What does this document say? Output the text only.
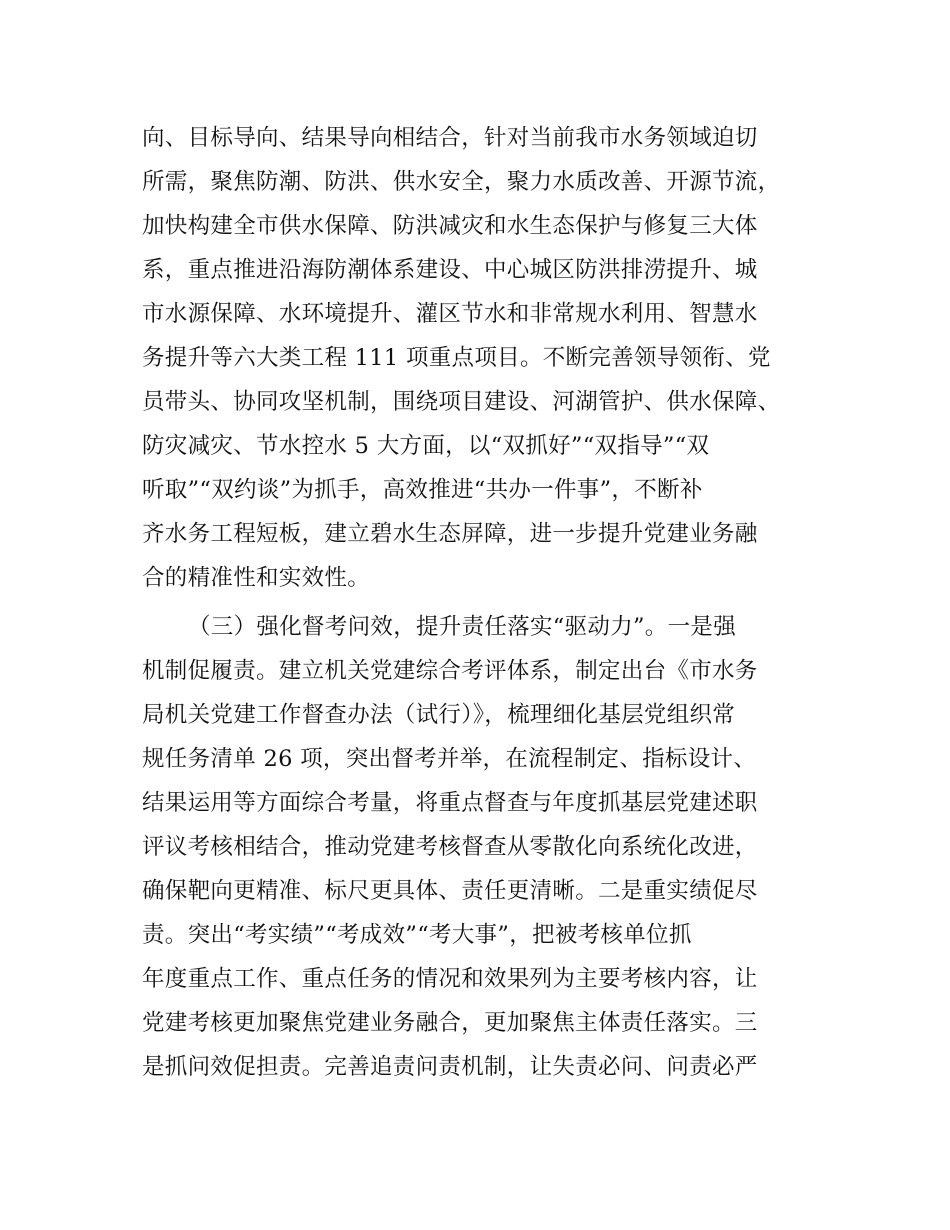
向、目标导向、结果导向相结合，针对当前我市水务领域迫切
所需，聚焦防潮、防洪、供水安全，聚力水质改善、开源节流，
加快构建全市供水保障、防洪减灾和水生态保护与修复三大体
系，重点推进沿海防潮体系建设、中心城区防洪排涝提升、城
市水源保障、水环境提升、灌区节水和非常规水利用、智慧水
务提升等六大类工程 111 项重点项目。不断完善领导领衔、党
员带头、协同攻坚机制，围绕项目建设、河湖管护、供水保障、
防灾减灾、节水控水 5 大方面，以“双抓好”“双指导”“双
听取”“双约谈”为抓手，高效推进“共办一件事”，不断补
齐水务工程短板，建立碧水生态屏障，进一步提升党建业务融
合的精准性和实效性。
（三）强化督考问效，提升责任落实“驱动力”。一是强
机制促履责。建立机关党建综合考评体系，制定出台《市水务
局机关党建工作督查办法（试行）》，梳理细化基层党组织常
规任务清单 26 项，突出督考并举，在流程制定、指标设计、
结果运用等方面综合考量，将重点督查与年度抓基层党建述职
评议考核相结合，推动党建考核督查从零散化向系统化改进，
确保靶向更精准、标尺更具体、责任更清晰。二是重实绩促尽
责。突出“考实绩”“考成效”“考大事”，把被考核单位抓
年度重点工作、重点任务的情况和效果列为主要考核内容，让
党建考核更加聚焦党建业务融合，更加聚焦主体责任落实。三
是抓问效促担责。完善追责问责机制，让失责必问、问责必严
